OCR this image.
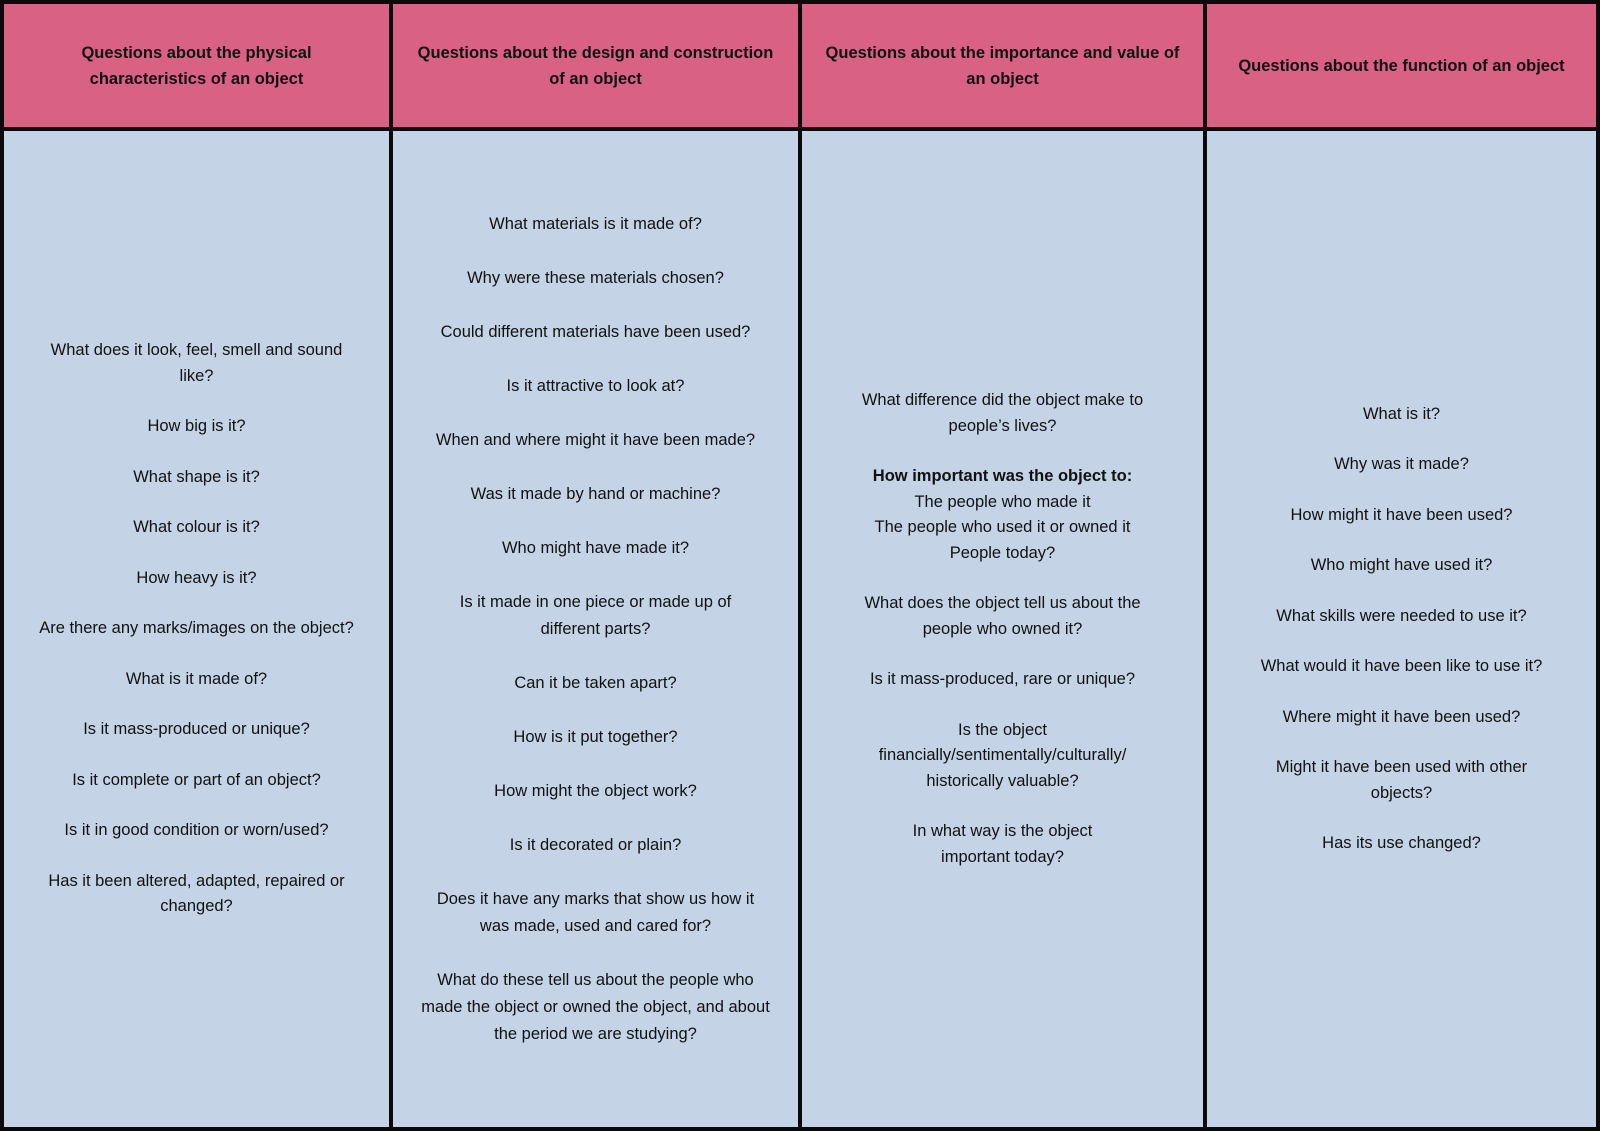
Questions about the physical characteristics of an object
What does it look, feel, smell and sound like?
How big is it?
What shape is it?
What colour is it?
How heavy is it?
Are there any marks/images on the object?
What is it made of?
Is it mass-produced or unique?
Is it complete or part of an object?
Is it in good condition or worn/used?
Has it been altered, adapted, repaired or changed?
Questions about the design and construction of an object
What materials is it made of?
Why were these materials chosen?
Could different materials have been used?
Is it attractive to look at?
When and where might it have been made?
Was it made by hand or machine?
Who might have made it?
Is it made in one piece or made up of different parts?
Can it be taken apart?
How is it put together?
How might the object work?
Is it decorated or plain?
Does it have any marks that show us how it was made, used and cared for?
What do these tell us about the people who made the object or owned the object, and about the period we are studying?
Questions about the importance and value of an object
What difference did the object make to people’s lives?
How important was the object to:
The people who made it
The people who used it or owned it
People today?
What does the object tell us about the people who owned it?
Is it mass-produced, rare or unique?
Is the object financially/sentimentally/culturally/ historically valuable?
In what way is the object important today?
Questions about the function of an object
What is it?
Why was it made?
How might it have been used?
Who might have used it?
What skills were needed to use it?
What would it have been like to use it?
Where might it have been used?
Might it have been used with other objects?
Has its use changed?
